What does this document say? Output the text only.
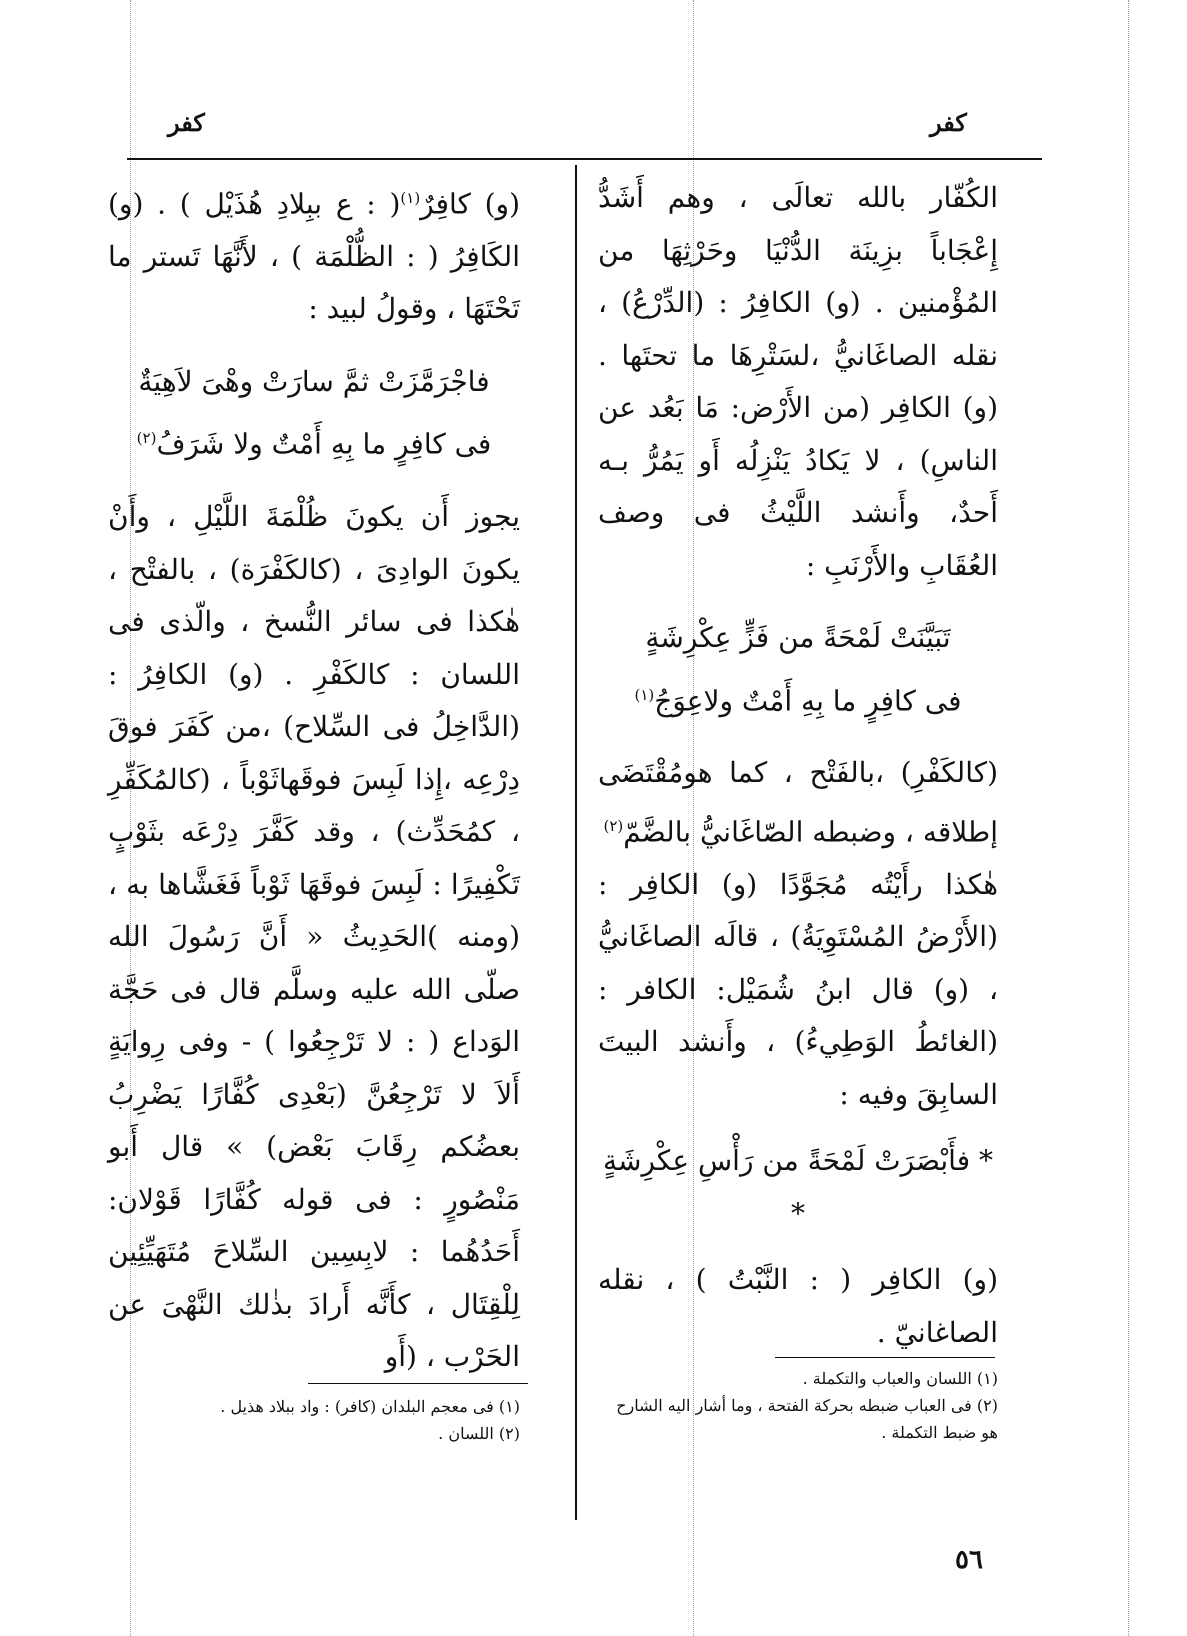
كفر	كفر

الكُفّار بالله تعالَى ، وهم أَشَدُّ إِعْجَاباً بزِينَة الدُّنْيَا وحَرْثِهَا من المُؤْمنين . (و) الكافِرُ : (الدِّرْعُ) ، نقله الصاغَانيُّ ،لسَتْرِهَا ما تحتَها . (و) الكافِر (من الأَرْض: مَا بَعُد عن الناسِ) ، لا يَكادُ يَنْزِلُه أَو يَمُرُّ بـه أَحدٌ، وأَنشد اللَّيْثُ فى وصف العُقَابِ والأَرْنَبِ :

تَبَيَّنَتْ لَمْحَةً من فَزٍّ عِكْرِشَةٍ

فى كافِرٍ ما بِهِ أَمْتٌ ولاعِوَجُ$^{(١)}$

(كالكَفْرِ) ،بالفَتْح ، كما هومُقْتَضَى إطلاقه ، وضبطه الصّاغَانيُّ بالضَّمّ$^{(٢)}$

هٰكذا رأَيْتُه مُجَوَّدًا (و) الكافِر : (الأَرْضُ المُسْتَوِيَةُ) ، قالَه الصاغَانيُّ ، (و) قال ابنُ شُمَيْل: الكافر : (الغائطُ الوَطِيءُ) ، وأَنشد البيتَ السابِقَ وفيه :

* فأَبْصَرَتْ لَمْحَةً من رَأْسِ عِكْرِشَةٍ *

(و) الكافِر ( : النَّبْتُ ) ، نقله الصاغانيّ .

(١) اللسان والعباب والتكملة .
(٢) فى العباب ضبطه بحركة الفتحة ، وما أشار اليه الشارح هو ضبط التكملة .

(و) كافِرٌ$^{(١)}$( : ع ببِلادِ هُذَيْل ) . (و) الكَافِرُ ( : الظُّلْمَة ) ، لأَنَّهَا تَستر ما تَحْتَهَا ، وقولُ لبيد :

فاجْرَمَّزَتْ ثمَّ سارَتْ وهْىَ لاَهِيَةٌ

فى كافِرٍ ما بِهِ أَمْتٌ ولا شَرَفُ$^{(٢)}$

يجوز أَن يكونَ ظُلْمَةَ اللَّيْلِ ، وأَنْ يكونَ الوادِىَ ، (كالكَفْرَة) ، بالفتْح ، هٰكذا فى سائر النُّسخ ، والّذى فى اللسان : كالكَفْرِ . (و) الكافِرُ : (الدَّاخِلُ فى السِّلاح) ،من كَفَرَ فوقَ دِرْعِه ،إِذا لَبِسَ فوقَهاثَوْباً ، (كالمُكَفِّرِ ، كمُحَدِّث) ، وقد كَفَّرَ دِرْعَه بثَوْبٍ تَكْفِيرًا : لَبِسَ فوقَهَا ثَوْباً فَغَشَّاها به ، (ومنه )الحَدِيثُ « أَنَّ رَسُولَ الله صلّى الله عليه وسلَّم قال فى حَجَّة الوَداع ( : لا تَرْجِعُوا ) - وفى رِوايَةٍ أَلاَ لا تَرْجِعُنَّ (بَعْدِى كُفَّارًا يَضْرِبُ بعضُكم رِقَابَ بَعْض) » قال أَبو مَنْصُورٍ : فى قوله كُفَّارًا قَوْلان: أَحَدُهُما : لابِسِين السِّلاحَ مُتَهَيِّئِين لِلْقِتَال ، كأَنَّه أَرادَ بذٰلك النَّهْىَ عن الحَرْب ، (أَو

(١) فى معجم البلدان (كافر) : واد ببلاد هذيل .
(٢) اللسان .
٥٦
